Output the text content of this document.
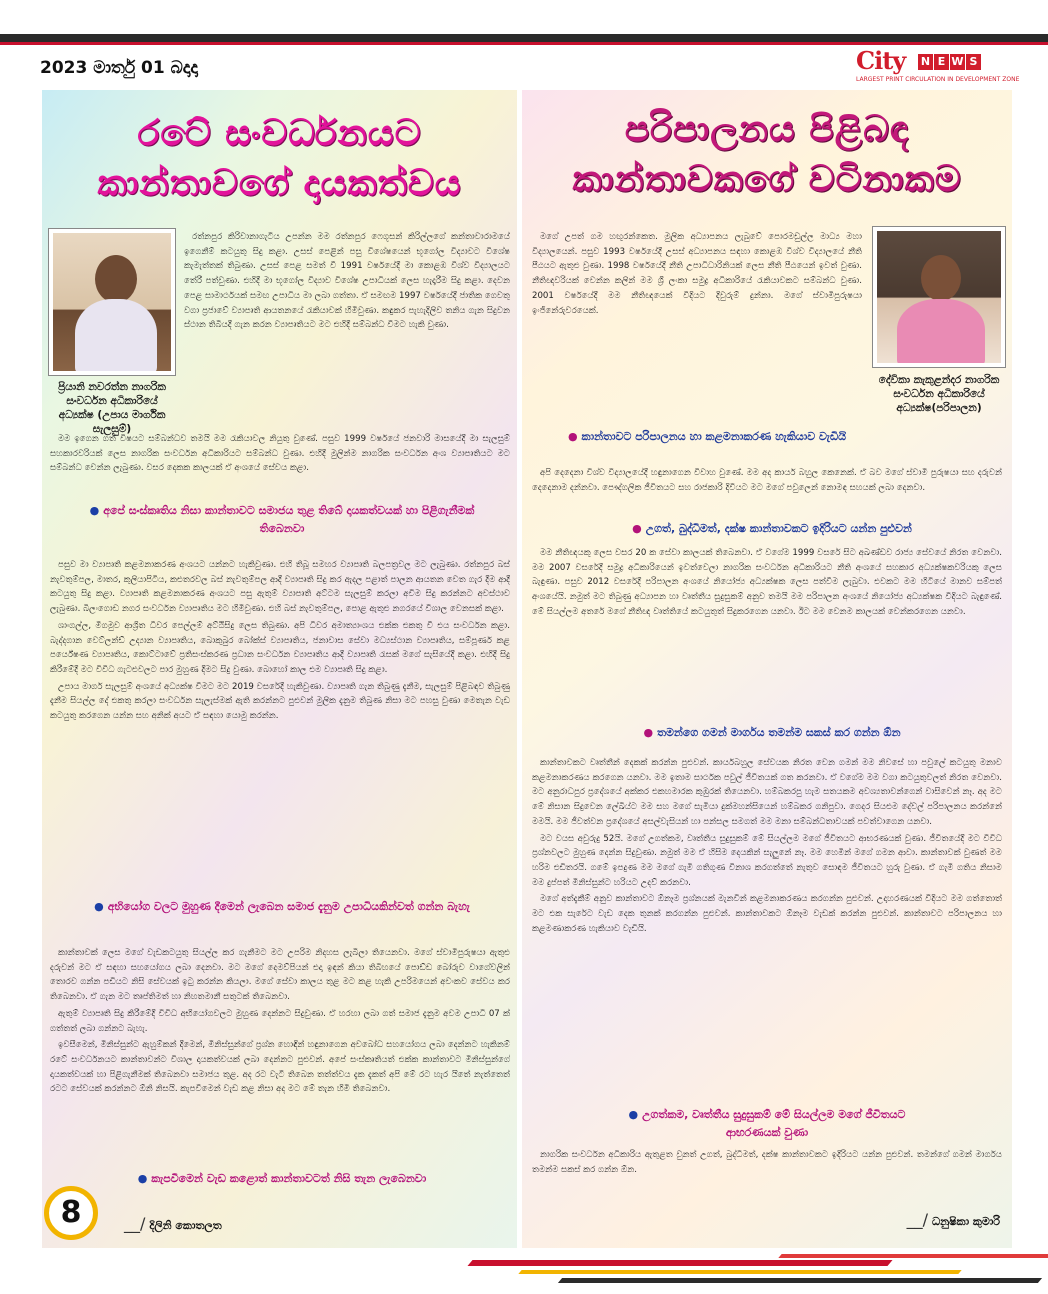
2023 මාර්තු 01 බදාදා	City N E W S
LARGEST PRINT CIRCULATION IN DEVELOPMENT ZONE
රටේ සංවර්ධනයට කාන්තාවගේ දායකත්වය
ප්‍රියානි නවරත්න නාගරික සංවර්ධන අධිකාරියේ අධ්‍යක්ෂ (උපාය මාර්ගික සැලසුම්)

රත්නපුර කිරිවානාගැටිය උපන්න මම රත්නපුර ෆෙගූසන් කිරිල්ලගේ කන්තාවාරාමයේ ඉගෙනීම් කටයුතු සිදු කළා. උසස් පෙළින් පසු විශේෂයෙන් භූගෝල විද්‍යාවට විශේෂ කැමැත්තක් තිබුණා. උසස් පෙළ සමත් වී 1991 වර්ෂයේදී මා කොළඹ විශ්ව විද්‍යාලයට තේරී පත්වුණා. එහිදී මා භූගෝල විද්‍යාව විශේෂ උපාධියක් ලෙස හැදෑරීම සිදු කළා. දෙවන පෙළ සාමාර්ථයක් සමඟ උපාධිය මා ලබා ගත්තා. ඒ සමඟම 1997 වර්ෂයේදී ජාතික ගෙවතු වගා ප්‍රජාවේ ව්‍යාපෘති ආයතනයේ රැකියාවක් හිමිවුණා. කඳුකර පැහැදිලිව තනිය ගැන සිදුවන ස්ථාන තිබියදී ගැන කරන ව්‍යාපෘතියට මට එහිදී සම්බන්ධ වීමට හැකි වුණා.

මම ඉගෙන ගත් විෂයට සම්බන්ධව තමයි මම රැකියාවල නියුතු වුණේ. පසුව 1999 වර්ෂයේ ජනවාරි මාසයේදී මා සැලසුම් සහකාරවරියක් ලෙස නාගරික සංවර්ධන අධිකාරියට සම්බන්ධ වුණා. එහිදී මුලින්ම නාගරික සංවර්ධන අංශ ව්‍යාපෘතියට මට සම්බන්ධ වෙන්න ලැබුණා. වසර දෙකක කාලයක් ඒ අංශයේ සේවය කළා.

● අපේ සංස්කෘතිය නිසා කාන්තාවට සමාජය තුළ තිබේ දායකත්වයක් හා පිළිගැනීමක් තිබෙනවා

පසුව මා ව්‍යාපෘති කළමනාකරණ අංශයට යන්නට හැකිවුණා. එහි තිබූ සමහර ව්‍යාපෘති බලපත්‍රවල මට ලැබුණා. රත්නපුර බස් නැවතුම්පල, මාතර, කුලියාපිටිය, කළුතරවල බස් නැවතුම්පල ආදී ව්‍යාපෘති සිදු කර ඇදල පළාත් පාලන ආයතන වෙත ගැර දීම ආදී කටයුතු සිදු කළා. ව්‍යාපෘති කළමනාකරණ අංශයට පසු ඇතුම් ව්‍යාපෘති අට්ටම සැලසුම් කරලා අවිම සිදු කරන්නට අවස්ථාව ලැබුණා. බිලංගොඩ නගර සංවර්ධන ව්‍යාපෘතිය මට හිමිවුණා. එහි බස් නැවතුම්පල, පොළ ඇතුළු නගරයේ විශාල වෙනසක් කළා.

ශාංගල්ල, මීගමුව ආශ්‍රිත ධීවර පෙල්ලම් අට්ඨිසිදු ලෙස තිබුණා. අපි ධීවර අමාත්‍යාංශය එක්ක එකතු වී එය සංවර්ධන කළා. බැද්දගාන වෙට්ලන්ඩ් උද්‍යාන ව්‍යාපෘතිය, බොකුබුර බෝක්ස් ව්‍යාපෘතිය, ජනාවාස සේවා මධ්‍යස්ථාන ව්‍යාපෘතිය, සම්පූර්ණ කළ පර්යේෂණ ව්‍යාපෘතිය, කොට්ටාවේ ප්‍රතිසංස්කරණ ප්‍රධාන සංවර්ධන ව්‍යාපෘතිය ආදී ව්‍යාපෘති රැසක් මගේ සැසියේදී කළා. එහිදී සිදු කිරීමේදී මට විවිධ ගැටළුවලට පාර මුහුණ දීමට සිදු වුණා. බොහෝ කාල එම ව්‍යාපෘති සිදු කළා.

උපාය මාර්ග සැලසුම් අංශයේ අධ්‍යක්ෂ වීමට මට 2019 වසරේදී හැකිවුණා. ව්‍යාපෘති ගැන තිබුණු දැනීම, සැලසුම් පිළිබඳව තිබුණු දැනීම සියල්ල දේ එකතු කරලා සංවර්ධන සැලැස්මක් ඇති කරන්නට පුළුවන් මුලික දැනුම තිබුණ නිසා මට පහසු වුණා මෙතැන වැඩ කටයුතු කරගෙන යන්න සහ අනික් අයට ඒ සඳහා යොමු කරන්න.

● අභියෝග වලට මුහුණ දීමෙන් ලැබෙන සමාජ දැනුම උපාධියකින්වත් ගන්න බැහැ

කාන්තාවක් ලෙස මගේ වැඩකටයුතු සියල්ල කර ගැනීමට මට උපරිම නිදහස ලැබිලා තියෙනවා. මගේ ස්වාමිපුරුෂයා ඇතුළු දරුවන් මට ඒ සඳහා සහයෝගය ලබා දෙනවා. මට මගේ දෙමව්පියන් එදා ඉඳන් කියා තිබිහයේ පොඩ්ඩ බෝරුව වාගේවලින් තොරව ගන්න පඩියට නිසි සේවයක් ඉටු කරන්න කියලා. මගේ සේවා කාලය තුළ මට කළ හැකි උපරිමයෙන් අවංකව සේවය කර තිබෙනවා. ඒ ගැන මට තෘප්තිමත් හා නිහතමානී සතුටක් තිබෙනවා.

ඇතුම් ව්‍යාපෘති සිදු කිරීමේදී විවිධ අභියෝගවලට මුහුණ දෙන්නට සිදුවුණා. ඒ හරහා ලබා ගත් සමාජ දැනුම අවම උපාධි 07 ක් ගත්තත් ලබා ගන්නට බැහැ.

ඉවසීමෙන්, මිනිස්සුන්ට ඇහුම්කන් දීමෙන්, මිනිස්සුන්ගේ ප්‍රශ්න හොඳින් හඳුනාගෙන අවබෝධ සහයෝගය ලබා දෙන්නට හැකිනම් රටේ සංවර්ධනයට කාන්තාවන්ට විශාල දායකත්වයක් ලබා දෙන්නට පුළුවන්. අපේ සංස්කෘතියත් එක්ක කාන්තාවට මිනිස්සුන්ගේ දායකත්වයක් හා පිළිගැනීමක් තිබෙනවා සමාජය තුළ. අද රට වැටී තිබෙන තත්ත්වය දැක දැකත් අපි මේ රට හැර යිතේ නැත්තෙත් රටට සේවයක් කරන්නට ඕනි නිසයි. කැපවීමෙන් වැඩ කළ නිසා අද මට මේ තැන හිමි තිබෙනවා.

● කැපවීමෙන් වැඩ කළොත් කාන්තාවටත් නිසි තැන ලැබෙනවා
__/ දිලිනි කොතලත
පරිපාලනය පිළිබඳ කාන්තාවකගේ වටිනාකම
දේවිකා කැකුළන්දර නාගරික සංවර්ධන අධිකාරියේ අධ්‍යක්ෂ(පරිපාලන)

මගේ උපත් ගම හඟුරන්කෙත. මුලික අධ්‍යාපනය ලැබුවේ පොරමඩුල්ල මාධ්‍ය මහා විද්‍යාලයෙන්. පසුව 1993 වර්ෂයේදී උසස් අධ්‍යාපනය සඳහා කොළඹ විශ්ව විද්‍යාලයේ නීති පීඨයට ඇතුළු වුණා. 1998 වර්ෂයේදී නීති උපාධිධාරිනියක් ලෙස නීති පීඨයෙන් ඉවත් වුණා. නීතිඥවරියක් වෙන්න කලින් මම ශ්‍රී ලංකා සමුද්‍ර අධිකාරියේ රැකියාවකට සම්බන්ධ වුණා. 2001 වර්ෂයේදී මම නීතිඥයෙක් විදියට දිවුරුම් දුන්නා. මගේ ස්වාමිපුරුෂයා ඉංජිනේරුවරයෙක්.

● කාන්තාවට පරිපාලනය හා කළමනාකරණ හැකියාව වැඩියි

අපි දෙදෙනා විශ්ව විද්‍යාලයේදී හඳුනාගෙන විවාහ වුණේ. මම අද කාර්ය බහුල කෙනෙක්. ඒ බව මගේ ස්වාමි පුරුෂයා සහ දරුවන් දෙදෙනාම දන්නවා. පෞද්ගලික ජීවිතයට සහ රාජකාරි දිවියට මට මගේ පවුලෙන් නොමඳ සහයක් ලබා දෙනවා.

● උගත්, බුද්ධිමත්, දක්ෂ කාන්තාවකට ඉදිරියට යන්න පුළුවන්

මම නීතිඥයකු ලෙස වසර 20 ක සේවා කාලයක් තිබෙනවා. ඒ වගේම 1999 වසරේ සිට අඛණ්ඩව රාජ්‍ය සේවයේ නිරත වෙනවා. මම 2007 වසරේදී සමුද්‍ර අධිකාරියෙන් ඉවත්වෙලා නාගරික සංවර්ධන අධිකාරියට නීති අංශයේ සහකාර අධ්‍යක්ෂකවරියකු ලෙස බැඳුණා. පසුව 2012 වසරේදී පරිපාලන අංශයේ නියෝජ්‍ය අධ්‍යක්ෂක ලෙස පත්වීම ලැබුවා. එවකට මම හිටියේ මානව සම්පත් අංශයේයි. නමුත් මට තිබුණු අධ්‍යාපන හා වෘත්තීය සුදුසුකම් අනුව තමයි මම පරිපාලන අංශයේ නියෝජ්‍ය අධ්‍යක්ෂක විදියට බැඳුණේ. මේ සියල්ලම අතරේ මගේ නීතිඥ වෘත්තියේ කටයුතුත් සිදුකරගෙන යනවා. ඊට මම වෙනම කාලයක් වෙන්කරගෙන යනවා.

● තමන්ගෙ ගමන් මාර්ගය තමන්ම සකස් කර ගන්න ඕන

කාන්තාවකට වෘත්තීන් දෙකක් කරන්න පුළුවන්. කාර්යබහුල සේවයක නිරත වෙන ගමන් මම නිවසේ හා පවුලේ කටයුතු මනාව කළමනාකරණය කරගෙන යනවා. මම ඉතාම සාර්ථක පවුල් ජීවිතයක් ගත කරනවා. ඒ වගේම මම වගා කටයුතුවලත් නිරත වෙනවා. මට අනුරාධපුර ප්‍රදේශයේ අක්කර එකහමාරක කුඹුරක් තියෙනවා. හම්බකරපු හැම සතයකම අවශ්‍යතාවන්ගෙන් වාසිවෙන් නෑ. අද මට මේ නිසාන සිදුවෙන ලේඛිය්ට මම සහ මගේ සැමියා දුක්මහන්සියෙන් හම්බකර ගනිපුවා. ගෙදර සියළුම දේවල් පරිපාලනය කරන්නේ මමයි. මම ජීවත්වන ප්‍රදේශයේ අසල්වැසියන් හා පන්සල සමගත් මම මනා සම්බන්ධතාවයක් පවත්වාගෙන යනවා.

මට වයස අවුරුදු 52යි. මගේ උගත්කම, වෘත්තීය සුදුසුකම් මේ සියල්ලම මගේ ජීවිතයට ආභරණයක් වුණා. ජීවිතයේදී මට විවිධ ප්‍රශ්නවලට මුහුණ දෙන්න සිදුවුණා. නමුත් මම ඒ හිසිම දෙයකින් සැලුනේ නෑ. මම හෙමින් මගේ ගමන ආවා. කාන්තාවක් වුණත් මම හරිම එඩිතරයි. ගමේ ඉපදුණ මම මගේ ගැමි ගතිගුණ විනාශ කරගත්තේ නැතුව සොඳම ජීවිතයට හුරු වුණා. ඒ ගැමි ගතිය නිසාම මම දුප්පත් මිනිස්සුන්ට හරියට උදව් කරනවා.

මගේ අත්දැකීම් අනුව කාන්තාවට ඕනෑම ප්‍රශ්නයක් මැනවින් කළමනාකරණය කරගන්න පුළුවන්. උදාහරණයක් විදියට මම ගත්තොත් මට එක සැරේට වැඩ දෙක තුනක් කරගන්න පුළුවන්. කාන්තාවකට ඕනෑම වැඩක් කරන්න පුළුවන්. කාන්තාවට පරිපාලනය හා කළමණාකරණ හැකියාව වැඩියි.

● උගත්කම, වෘත්තීය සුදුසුකම් මේ සියල්ලම මගේ ජීවිතයට ආභරණයක් වුණා

නාගරික සංවර්ධන අධිකාරිය ඇතුළත වුනත් උගත්, බුද්ධිමත්, දක්ෂ කාන්තාවකට ඉදිරියට යන්න පුළුවන්. තමන්ගේ ගමන් මාර්ගය තමන්ම සකස් කර ගන්න ඕන.

__/ ධනුෂිකා කුමාරි
8
